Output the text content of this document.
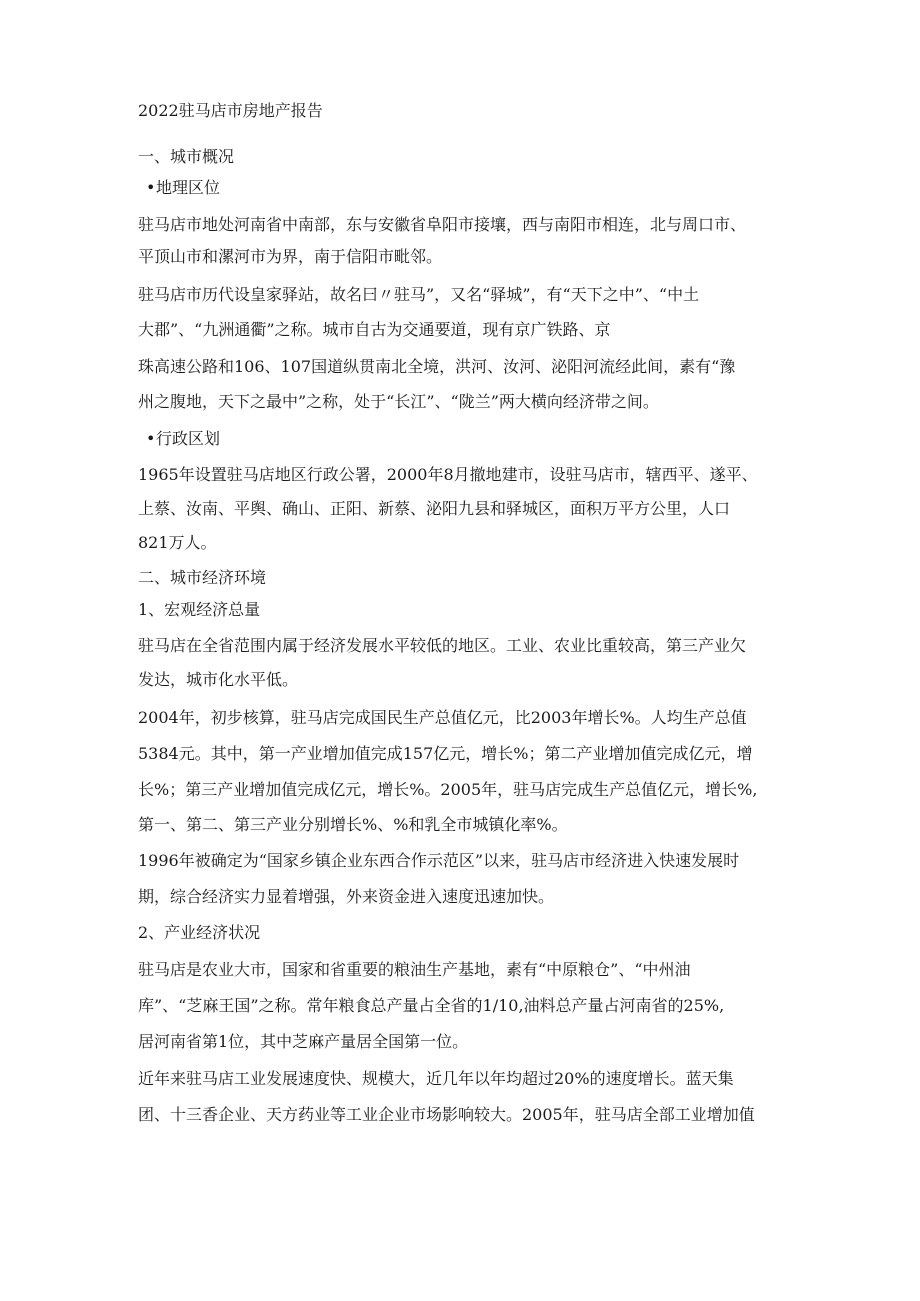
2022驻马店市房地产报告
一、城市概况
•地理区位
驻马店市地处河南省中南部，东与安徽省阜阳市接壤，西与南阳市相连，北与周口市、
平顶山市和漯河市为界，南于信阳市毗邻。
驻马店市历代设皇家驿站，故名曰〃驻马”，又名“驿城”，有“天下之中”、“中土
大郡”、“九洲通衢”之称。城市自古为交通要道，现有京广铁路、京
珠高速公路和106、107国道纵贯南北全境，洪河、汝河、泌阳河流经此间，素有“豫
州之腹地，天下之最中”之称，处于“长江”、“陇兰”两大横向经济带之间。
•行政区划
1965年设置驻马店地区行政公署，2000年8月撤地建市，设驻马店市，辖西平、遂平、
上蔡、汝南、平舆、确山、正阳、新蔡、泌阳九县和驿城区，面积万平方公里，人口
821万人。
二、城市经济环境
1、宏观经济总量
驻马店在全省范围内属于经济发展水平较低的地区。工业、农业比重较高，第三产业欠
发达，城市化水平低。
2004年，初步核算，驻马店完成国民生产总值亿元，比2003年增长%。人均生产总值
5384元。其中，第一产业增加值完成157亿元，增长%；第二产业增加值完成亿元，增
长%；第三产业增加值完成亿元，增长%。2005年，驻马店完成生产总值亿元，增长%,
第一、第二、第三产业分别增长%、%和乳全市城镇化率%。
1996年被确定为“国家乡镇企业东西合作示范区”以来，驻马店市经济进入快速发展时
期，综合经济实力显着增强，外来资金进入速度迅速加快。
2、产业经济状况
驻马店是农业大市，国家和省重要的粮油生产基地，素有“中原粮仓”、“中州油
库”、“芝麻王国”之称。常年粮食总产量占全省的1/10,油料总产量占河南省的25%,
居河南省第1位，其中芝麻产量居全国第一位。
近年来驻马店工业发展速度快、规模大，近几年以年均超过20%的速度增长。蓝天集
团、十三香企业、天方药业等工业企业市场影响较大。2005年，驻马店全部工业增加值
